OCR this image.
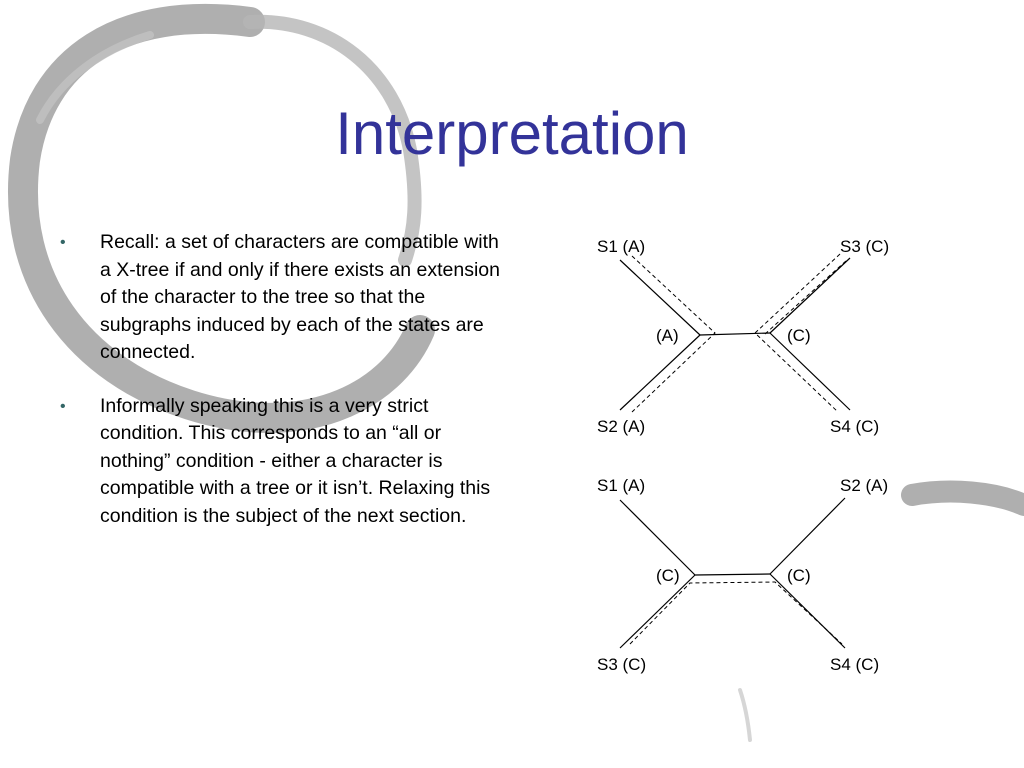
Interpretation
• Recall: a set of characters are compatible with a X-tree if and only if there exists an extension of the character to the tree so that the subgraphs induced by each of the states are connected.
• Informally speaking this is a very strict condition. This corresponds to an “all or nothing” condition - either a character is compatible with a tree or it isn’t. Relaxing this condition is the subject of the next section.
S1 (A)	S3 (C)
S2 (A)	S4 (C)
(A)	(C)
S1 (A)	S2 (A)
S3 (C)	S4 (C)
(C)	(C)
